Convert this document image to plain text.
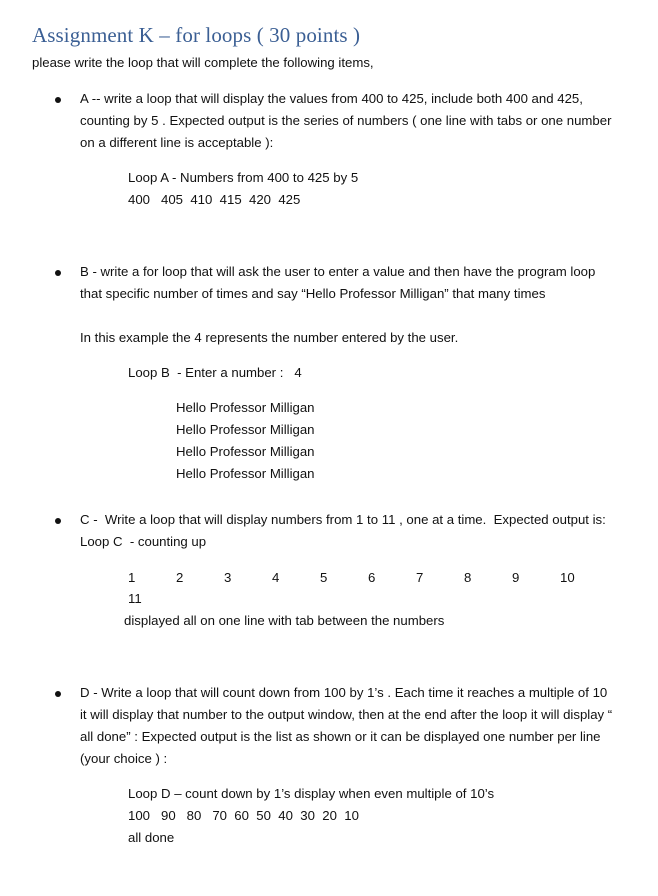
Assignment K – for loops ( 30 points )
please write the loop that will complete the following items,
A -- write a loop that will display the values from 400 to 425, include both 400 and 425, counting by 5 . Expected output is the series of numbers ( one line with tabs or one number on a different line is acceptable ):
Loop A - Numbers from 400 to 425 by 5
400   405  410  415  420  425
B - write a for loop that will ask the user to enter a value and then have the program loop that specific number of times and say “Hello Professor Milligan” that many times
In this example the 4 represents the number entered by the user.
Loop B  - Enter a number :   4
Hello Professor Milligan
Hello Professor Milligan
Hello Professor Milligan
Hello Professor Milligan
C -  Write a loop that will display numbers from 1 to 11 , one at a time.  Expected output is:      Loop C  - counting up
1	2	3	4	5	6	7	8	9	10
11
displayed all on one line with tab between the numbers
D - Write a loop that will count down from 100 by 1’s . Each time it reaches a multiple of 10 it will display that number to the output window, then at the end after the loop it will display “ all done” : Expected output is the list as shown or it can be displayed one number per line (your choice ) :
Loop D – count down by 1’s display when even multiple of 10’s
100   90   80   70  60  50  40  30  20  10
all done
